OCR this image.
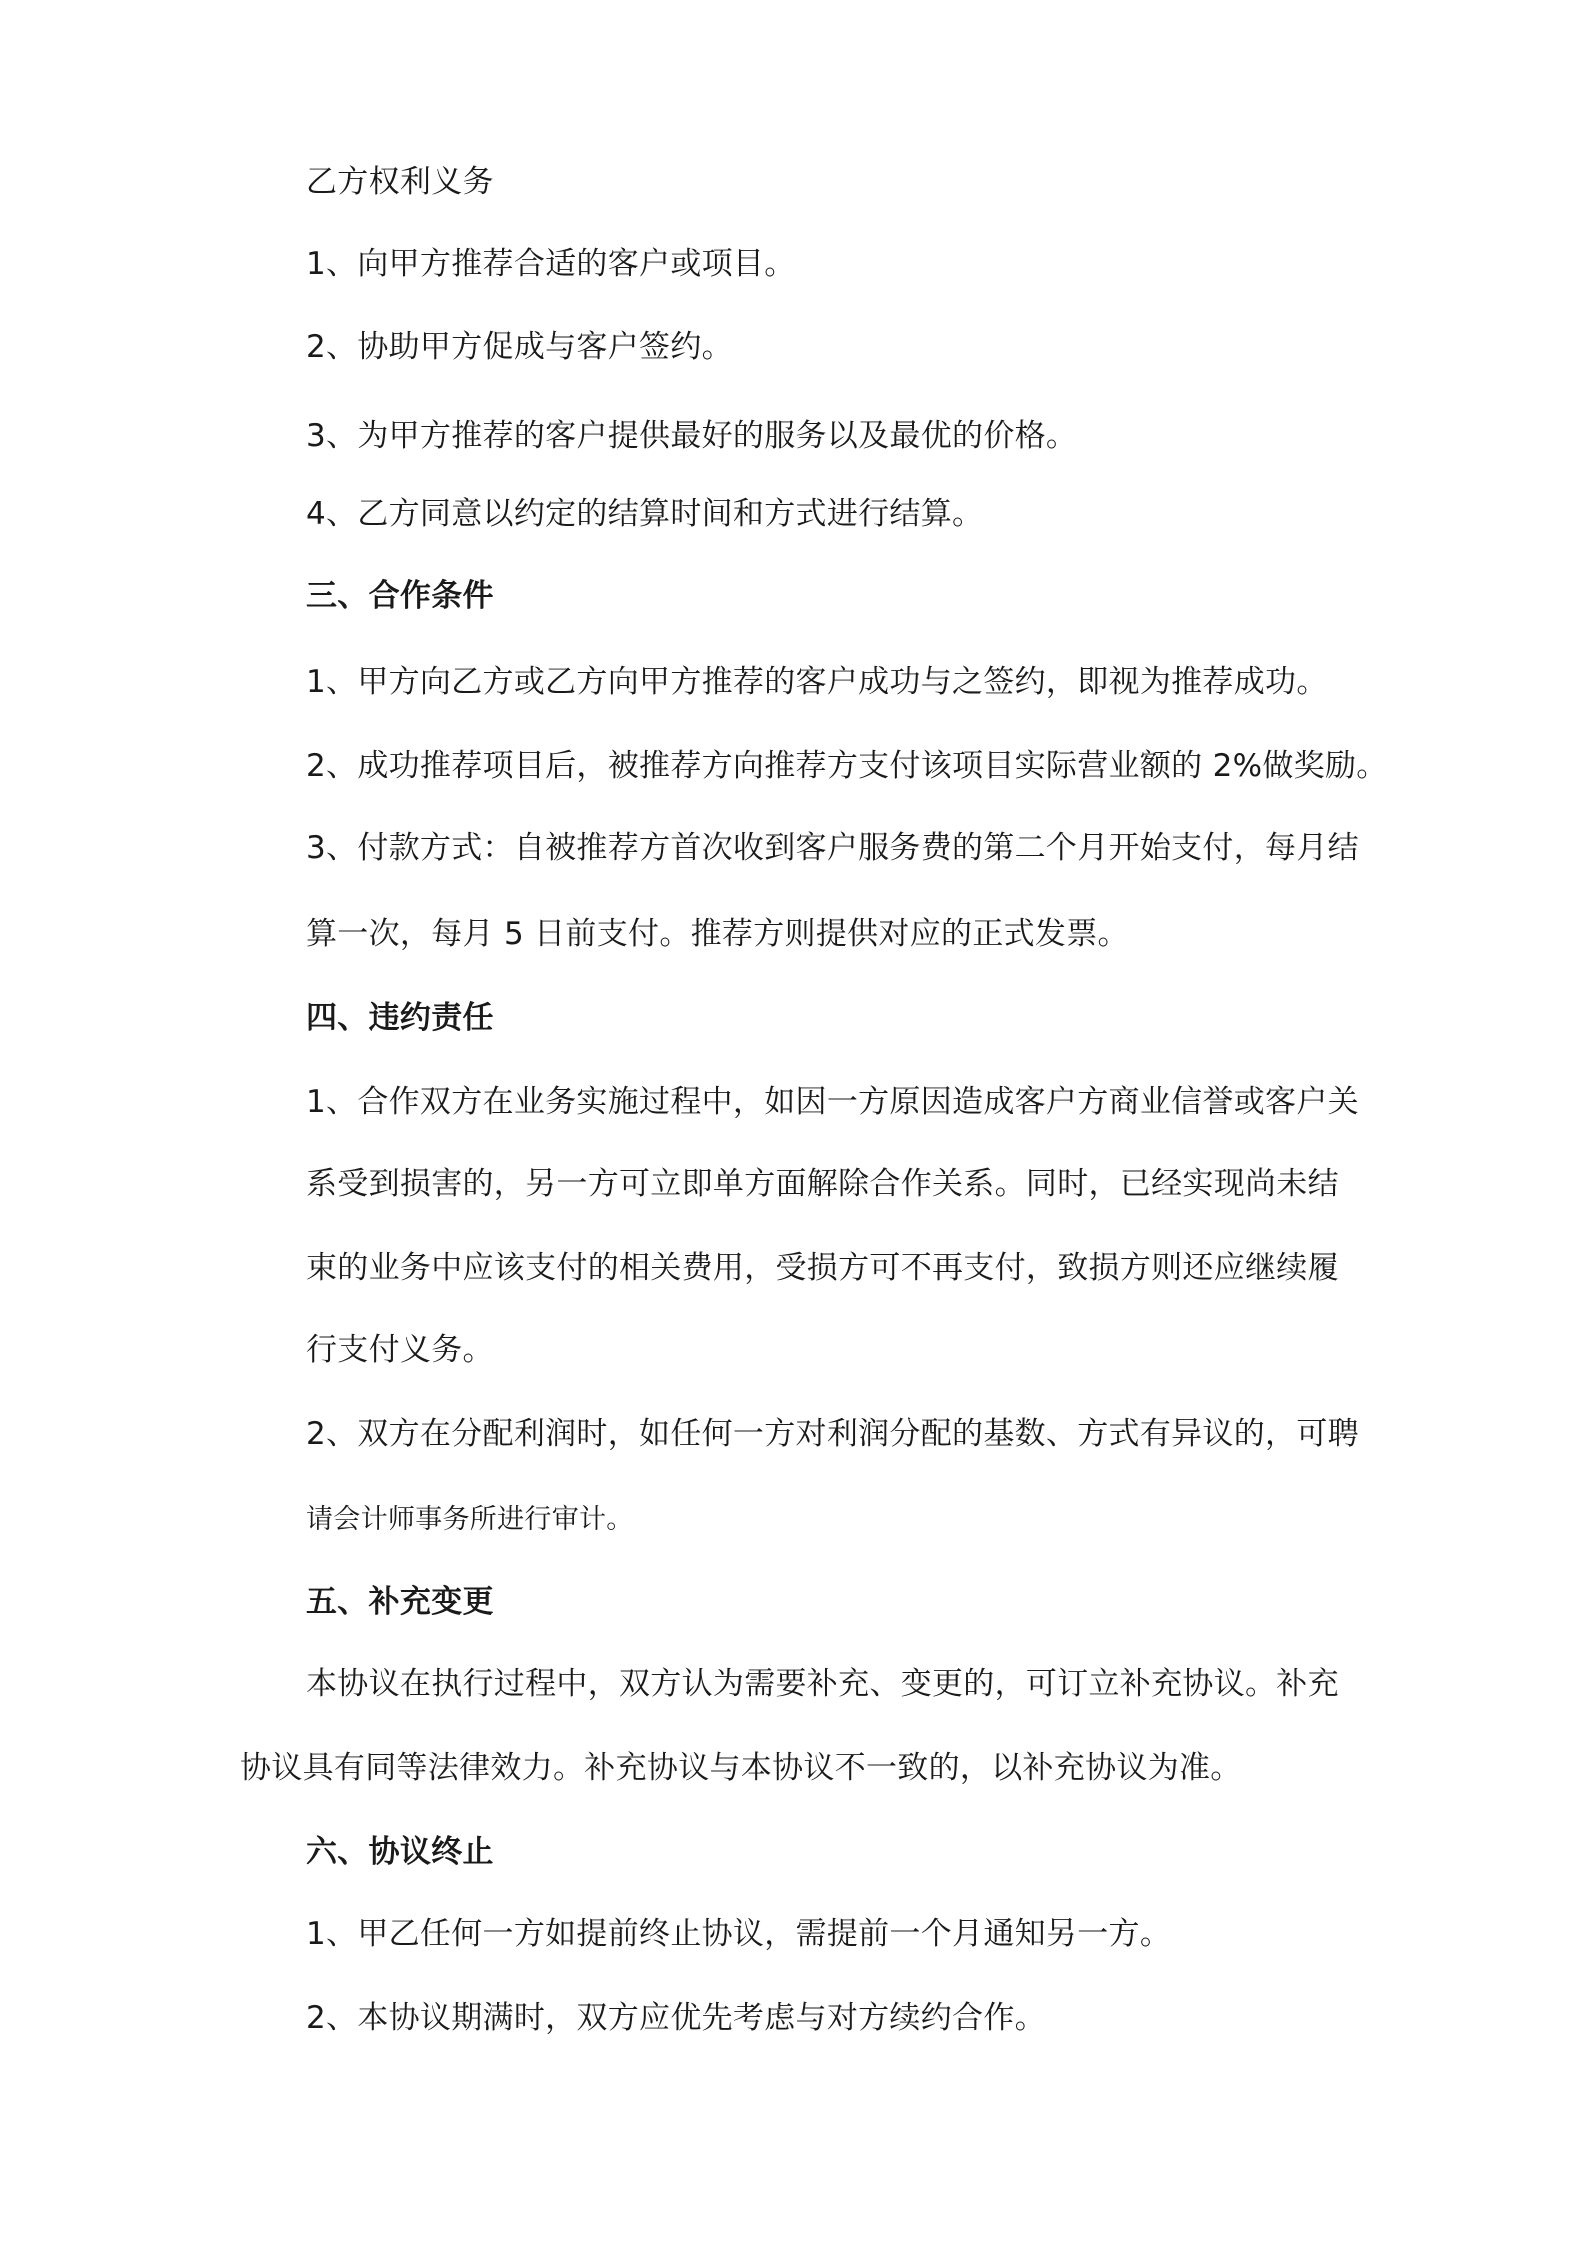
乙方权利义务

1、向甲方推荐合适的客户或项目。

2、协助甲方促成与客户签约。

3、为甲方推荐的客户提供最好的服务以及最优的价格。

4、乙方同意以约定的结算时间和方式进行结算。

三、合作条件

1、甲方向乙方或乙方向甲方推荐的客户成功与之签约，即视为推荐成功。

2、成功推荐项目后，被推荐方向推荐方支付该项目实际营业额的 2%做奖励。

3、付款方式：自被推荐方首次收到客户服务费的第二个月开始支付，每月结

算一次，每月 5 日前支付。推荐方则提供对应的正式发票。

四、违约责任

1、合作双方在业务实施过程中，如因一方原因造成客户方商业信誉或客户关

系受到损害的，另一方可立即单方面解除合作关系。同时，已经实现尚未结

束的业务中应该支付的相关费用，受损方可不再支付，致损方则还应继续履

行支付义务。

2、双方在分配利润时，如任何一方对利润分配的基数、方式有异议的，可聘

请会计师事务所进行审计。

五、补充变更

本协议在执行过程中，双方认为需要补充、变更的，可订立补充协议。补充

协议具有同等法律效力。补充协议与本协议不一致的，以补充协议为准。

六、协议终止

1、甲乙任何一方如提前终止协议，需提前一个月通知另一方。

2、本协议期满时，双方应优先考虑与对方续约合作。
